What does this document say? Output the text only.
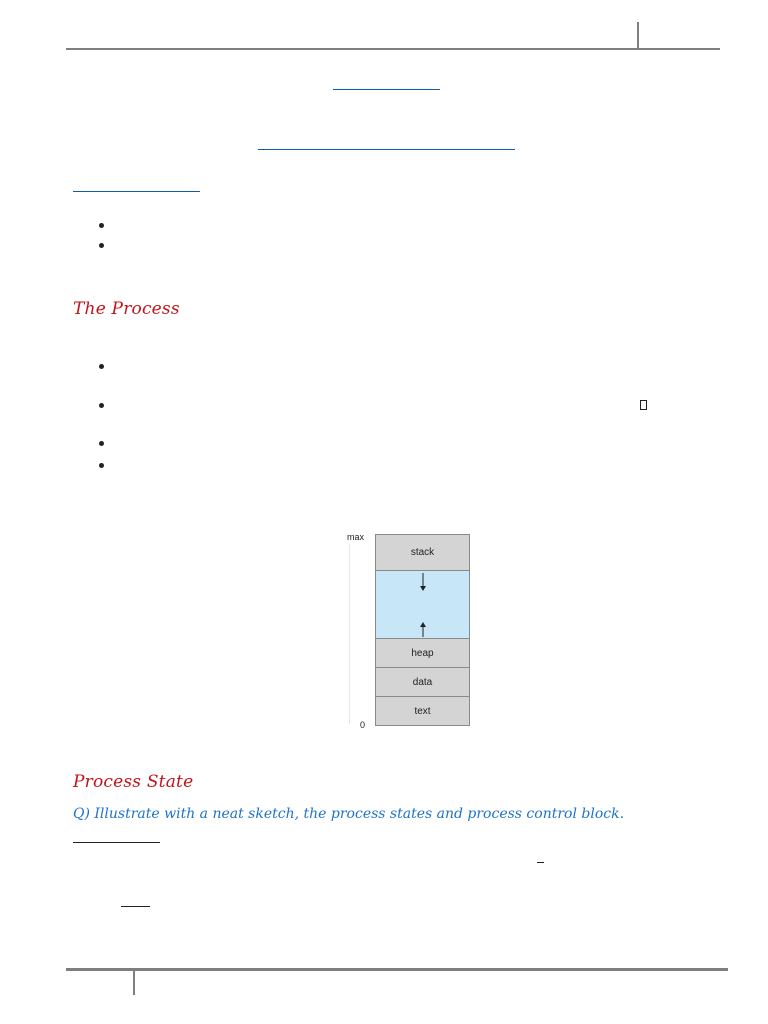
The Process
max
0
stack
heap
data
text
Process State
Q) Illustrate with a neat sketch, the process states and process control block.
